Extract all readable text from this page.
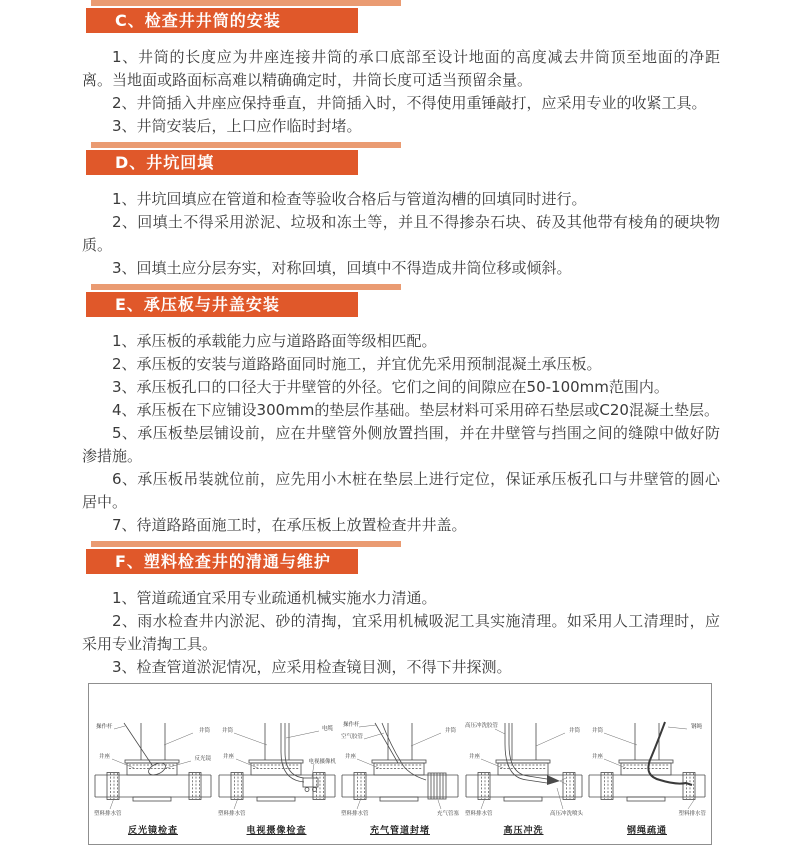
C、检查井井筒的安装

1、井筒的长度应为井座连接井筒的承口底部至设计地面的高度减去井筒顶至地面的净距离。当地面或路面标高难以精确确定时，井筒长度可适当预留余量。

2、井筒插入井座应保持垂直，井筒插入时，不得使用重锤敲打，应采用专业的收紧工具。

3、井筒安装后，上口应作临时封堵。

D、井坑回填

1、井坑回填应在管道和检查等验收合格后与管道沟槽的回填同时进行。

2、回填土不得采用淤泥、垃圾和冻土等，并且不得掺杂石块、砖及其他带有棱角的硬块物质。

3、回填土应分层夯实，对称回填，回填中不得造成井筒位移或倾斜。

E、承压板与井盖安装

1、承压板的承载能力应与道路路面等级相匹配。

2、承压板的安装与道路路面同时施工，并宜优先采用预制混凝土承压板。

3、承压板孔口的口径大于井壁管的外径。它们之间的间隙应在50-100mm范围内。

4、承压板在下应铺设300mm的垫层作基础。垫层材料可采用碎石垫层或C20混凝土垫层。

5、承压板垫层铺设前，应在井壁管外侧放置挡围，并在井壁管与挡围之间的缝隙中做好防渗措施。

6、承压板吊装就位前，应先用小木桩在垫层上进行定位，保证承压板孔口与井壁管的圆心居中。

7、待道路路面施工时，在承压板上放置检查井井盖。

F、塑料检查井的清通与维护

1、管道疏通宜采用专业疏通机械实施水力清通。

2、雨水检查井内淤泥、砂的清掏，宜采用机械吸泥工具实施清理。如采用人工清理时，应采用专业清掏工具。

3、检查管道淤泥情况，应采用检查镜目测，不得下井探测。

操作杆
井筒
井座	反光镜
塑料排水管
反光镜检查
井筒	电缆
井座
电视摄像机
塑料排水管
电视摄像检查
操作杆
空气胶管
井筒
井座
塑料排水管	充气管塞
充气管道封堵
高压冲洗胶管
井筒
井座
塑料排水管	高压冲洗喷头
高压冲洗
井筒
钢绳
井座
塑料排水管
钢绳疏通
